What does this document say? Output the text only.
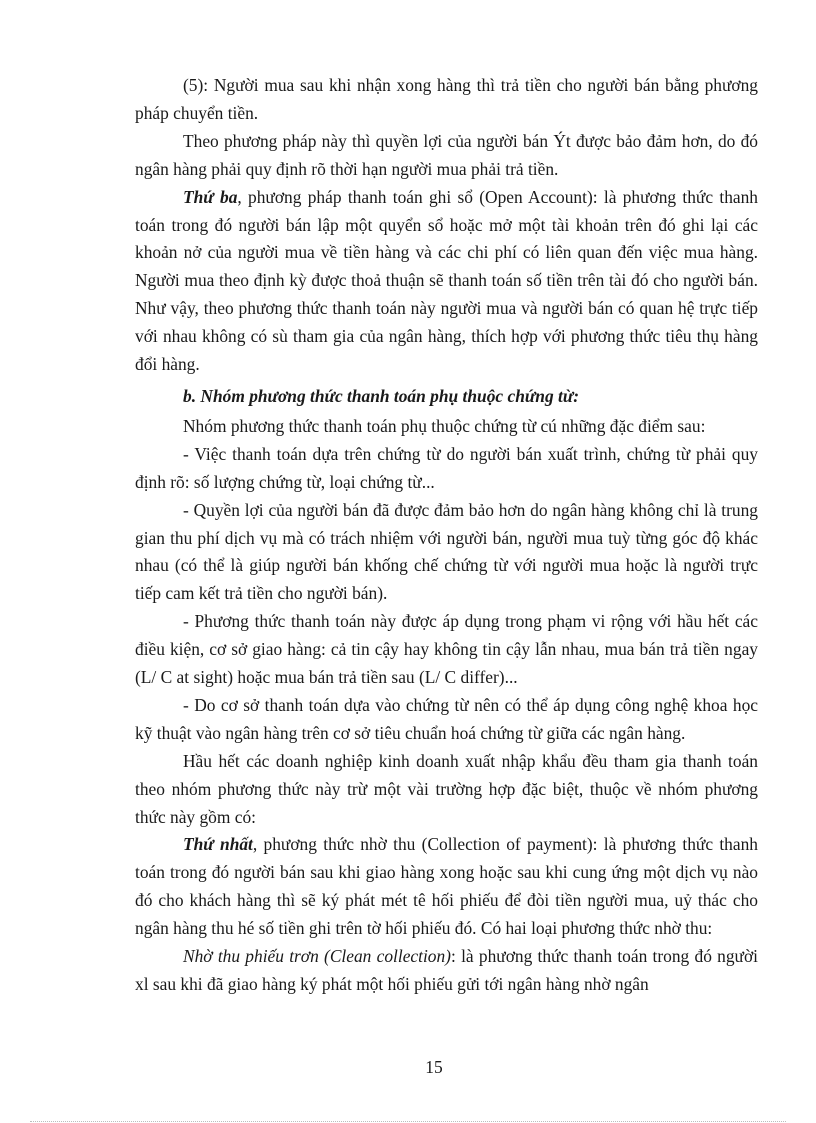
(5): Người mua sau khi nhận xong hàng thì trả tiền cho người bán bằng phương pháp chuyển tiền.

Theo phương pháp này thì quyền lợi của người bán Ýt được bảo đảm hơn, do đó ngân hàng phải quy định rõ thời hạn người mua phải trả tiền.

Thứ ba, phương pháp thanh toán ghi sổ (Open Account): là phương thức thanh toán trong đó người bán lập một quyển sổ hoặc mở một tài khoản trên đó ghi lại các khoản nở của người mua về tiền hàng và các chi phí có liên quan đến việc mua hàng. Người mua theo định kỳ được thoả thuận sẽ thanh toán số tiền trên tài đó cho người bán. Như vậy, theo phương thức thanh toán này người mua và người bán có quan hệ trực tiếp với nhau không có sù tham gia của ngân hàng, thích hợp với phương thức tiêu thụ hàng đổi hàng.

b. Nhóm phương thức thanh toán phụ thuộc chứng từ:

Nhóm phương thức thanh toán phụ thuộc chứng từ cú những đặc điểm sau:

- Việc thanh toán dựa trên chứng từ do người bán xuất trình, chứng từ phải quy định rõ: số lượng chứng từ, loại chứng từ...

- Quyền lợi của người bán đã được đảm bảo hơn do ngân hàng không chỉ là trung gian thu phí dịch vụ mà có trách nhiệm với người bán, người mua tuỳ từng góc độ khác nhau (có thể là giúp người bán khống chế chứng từ với người mua hoặc là người trực tiếp cam kết trả tiền cho người bán).

- Phương thức thanh toán này được áp dụng trong phạm vi rộng với hầu hết các điều kiện, cơ sở giao hàng: cả tin cậy hay không tin cậy lẫn nhau, mua bán trả tiền ngay (L/ C at sight) hoặc mua bán trả tiền sau (L/ C differ)...

- Do cơ sở thanh toán dựa vào chứng từ nên có thể áp dụng công nghệ khoa học kỹ thuật vào ngân hàng trên cơ sở tiêu chuẩn hoá chứng từ giữa các ngân hàng.

Hầu hết các doanh nghiệp kinh doanh xuất nhập khẩu đều tham gia thanh toán theo nhóm phương thức này trừ một vài trường hợp đặc biệt, thuộc về nhóm phương thức này gồm có:

Thứ nhất, phương thức nhờ thu (Collection of payment): là phương thức thanh toán trong đó người bán sau khi giao hàng xong hoặc sau khi cung ứng một dịch vụ nào đó cho khách hàng thì sẽ ký phát mét tê hối phiếu để đòi tiền người mua, uỷ thác cho ngân hàng thu hé số tiền ghi trên tờ hối phiếu đó. Có hai loại phương thức nhờ thu:

Nhờ thu phiếu trơn (Clean collection): là phương thức thanh toán trong đó người xl sau khi đã giao hàng ký phát một hối phiếu gửi tới ngân hàng nhờ ngân

15
